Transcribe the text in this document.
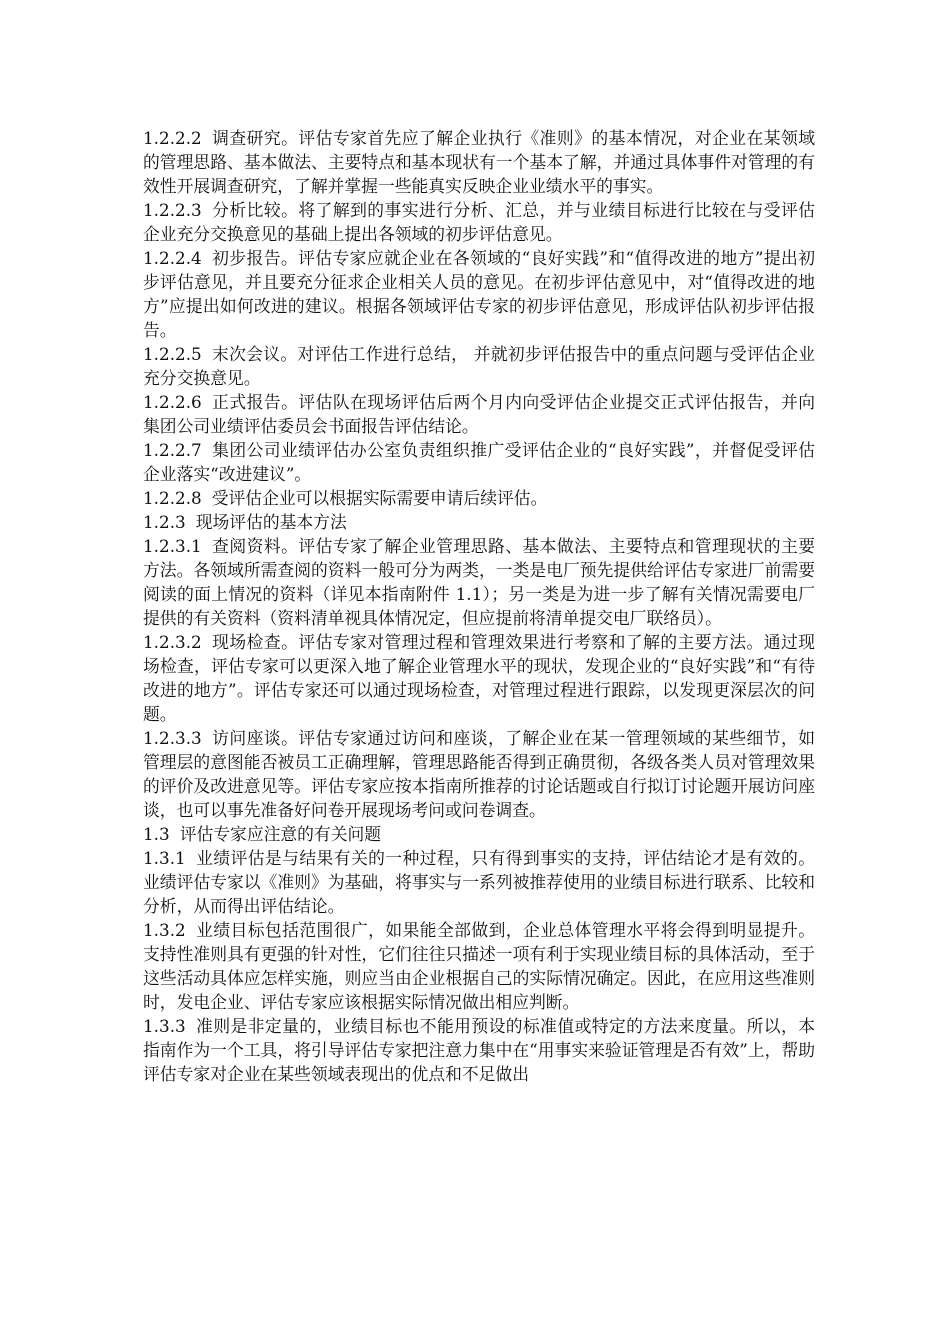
1.2.2.2 调查研究。评估专家首先应了解企业执行《准则》的基本情况，对企业在某领域的管理思路、基本做法、主要特点和基本现状有一个基本了解，并通过具体事件对管理的有效性开展调查研究，了解并掌握一些能真实反映企业业绩水平的事实。

1.2.2.3 分析比较。将了解到的事实进行分析、汇总，并与业绩目标进行比较在与受评估企业充分交换意见的基础上提出各领域的初步评估意见。

1.2.2.4 初步报告。评估专家应就企业在各领域的“良好实践”和“值得改进的地方”提出初步评估意见，并且要充分征求企业相关人员的意见。在初步评估意见中，对“值得改进的地方”应提出如何改进的建议。根据各领域评估专家的初步评估意见，形成评估队初步评估报告。

1.2.2.5 末次会议。对评估工作进行总结， 并就初步评估报告中的重点问题与受评估企业充分交换意见。

1.2.2.6 正式报告。评估队在现场评估后两个月内向受评估企业提交正式评估报告，并向集团公司业绩评估委员会书面报告评估结论。

1.2.2.7 集团公司业绩评估办公室负责组织推广受评估企业的“良好实践”，并督促受评估企业落实“改进建议”。

1.2.2.8 受评估企业可以根据实际需要申请后续评估。

1.2.3 现场评估的基本方法

1.2.3.1 查阅资料。评估专家了解企业管理思路、基本做法、主要特点和管理现状的主要方法。各领域所需查阅的资料一般可分为两类，一类是电厂预先提供给评估专家进厂前需要阅读的面上情况的资料（详见本指南附件 1.1）；另一类是为进一步了解有关情况需要电厂提供的有关资料（资料清单视具体情况定，但应提前将清单提交电厂联络员）。

1.2.3.2 现场检查。评估专家对管理过程和管理效果进行考察和了解的主要方法。通过现场检查，评估专家可以更深入地了解企业管理水平的现状，发现企业的“良好实践”和“有待改进的地方”。评估专家还可以通过现场检查，对管理过程进行跟踪，以发现更深层次的问题。

1.2.3.3 访问座谈。评估专家通过访问和座谈，了解企业在某一管理领域的某些细节，如管理层的意图能否被员工正确理解，管理思路能否得到正确贯彻，各级各类人员对管理效果的评价及改进意见等。评估专家应按本指南所推荐的讨论话题或自行拟订讨论题开展访问座谈，也可以事先准备好问卷开展现场考问或问卷调查。

1.3 评估专家应注意的有关问题

1.3.1 业绩评估是与结果有关的一种过程，只有得到事实的支持，评估结论才是有效的。业绩评估专家以《准则》为基础，将事实与一系列被推荐使用的业绩目标进行联系、比较和分析，从而得出评估结论。

1.3.2 业绩目标包括范围很广，如果能全部做到，企业总体管理水平将会得到明显提升。支持性准则具有更强的针对性，它们往往只描述一项有利于实现业绩目标的具体活动，至于这些活动具体应怎样实施，则应当由企业根据自己的实际情况确定。因此，在应用这些准则时，发电企业、评估专家应该根据实际情况做出相应判断。

1.3.3 准则是非定量的，业绩目标也不能用预设的标准值或特定的方法来度量。所以，本指南作为一个工具，将引导评估专家把注意力集中在“用事实来验证管理是否有效”上，帮助评估专家对企业在某些领域表现出的优点和不足做出
